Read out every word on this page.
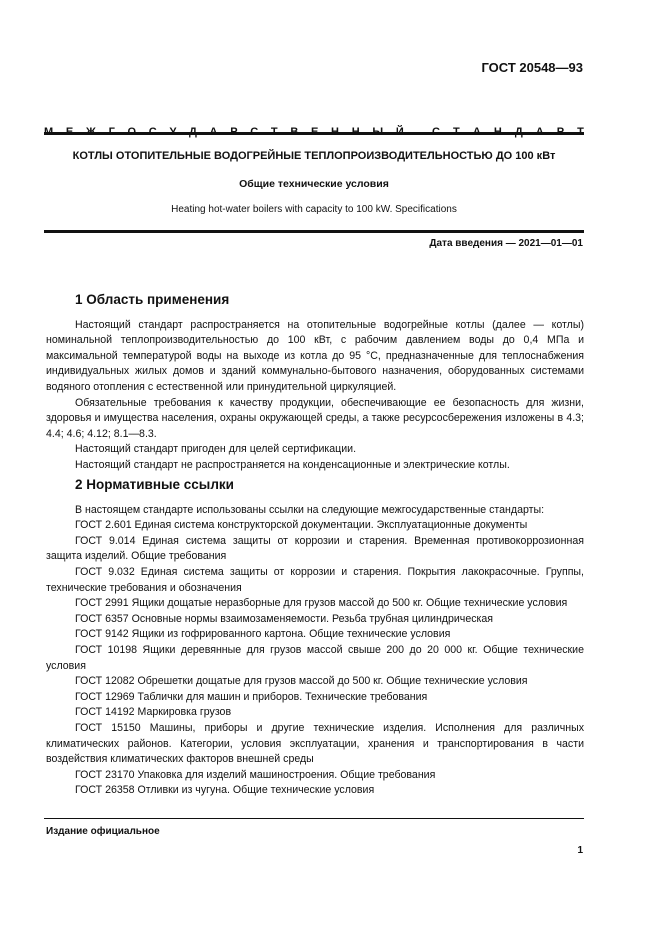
ГОСТ 20548—93

КОТЛЫ ОТОПИТЕЛЬНЫЕ ВОДОГРЕЙНЫЕ ТЕПЛОПРОИЗВОДИТЕЛЬНОСТЬЮ ДО 100 кВт
Общие технические условия
Heating hot-water boilers with capacity to 100 kW. Specifications
Дата введения — 2021—01—01
1 Область применения

Настоящий стандарт распространяется на отопительные водогрейные котлы (далее — котлы) номинальной теплопроизводительностью до 100 кВт, с рабочим давлением воды до 0,4 МПа и максимальной температурой воды на выходе из котла до 95 °С, предназначенные для теплоснабжения индивидуальных жилых домов и зданий коммунально-бытового назначения, оборудованных системами водяного отопления с естественной или принудительной циркуляцией.

Обязательные требования к качеству продукции, обеспечивающие ее безопасность для жизни, здоровья и имущества населения, охраны окружающей среды, а также ресурсосбережения изложены в 4.3; 4.4; 4.6; 4.12; 8.1—8.3.

Настоящий стандарт пригоден для целей сертификации.

Настоящий стандарт не распространяется на конденсационные и электрические котлы.

2 Нормативные ссылки

В настоящем стандарте использованы ссылки на следующие межгосударственные стандарты:

ГОСТ 2.601 Единая система конструкторской документации. Эксплуатационные документы

ГОСТ 9.014 Единая система защиты от коррозии и старения. Временная противокоррозионная защита изделий. Общие требования

ГОСТ 9.032 Единая система защиты от коррозии и старения. Покрытия лакокрасочные. Группы, технические требования и обозначения

ГОСТ 2991 Ящики дощатые неразборные для грузов массой до 500 кг. Общие технические условия

ГОСТ 6357 Основные нормы взаимозаменяемости. Резьба трубная цилиндрическая

ГОСТ 9142 Ящики из гофрированного картона. Общие технические условия

ГОСТ 10198 Ящики деревянные для грузов массой свыше 200 до 20 000 кг. Общие технические условия

ГОСТ 12082 Обрешетки дощатые для грузов массой до 500 кг. Общие технические условия

ГОСТ 12969 Таблички для машин и приборов. Технические требования

ГОСТ 14192 Маркировка грузов

ГОСТ 15150 Машины, приборы и другие технические изделия. Исполнения для различных климатических районов. Категории, условия эксплуатации, хранения и транспортирования в части воздействия климатических факторов внешней среды

ГОСТ 23170 Упаковка для изделий машиностроения. Общие требования

ГОСТ 26358 Отливки из чугуна. Общие технические условия

Издание официальное
1
